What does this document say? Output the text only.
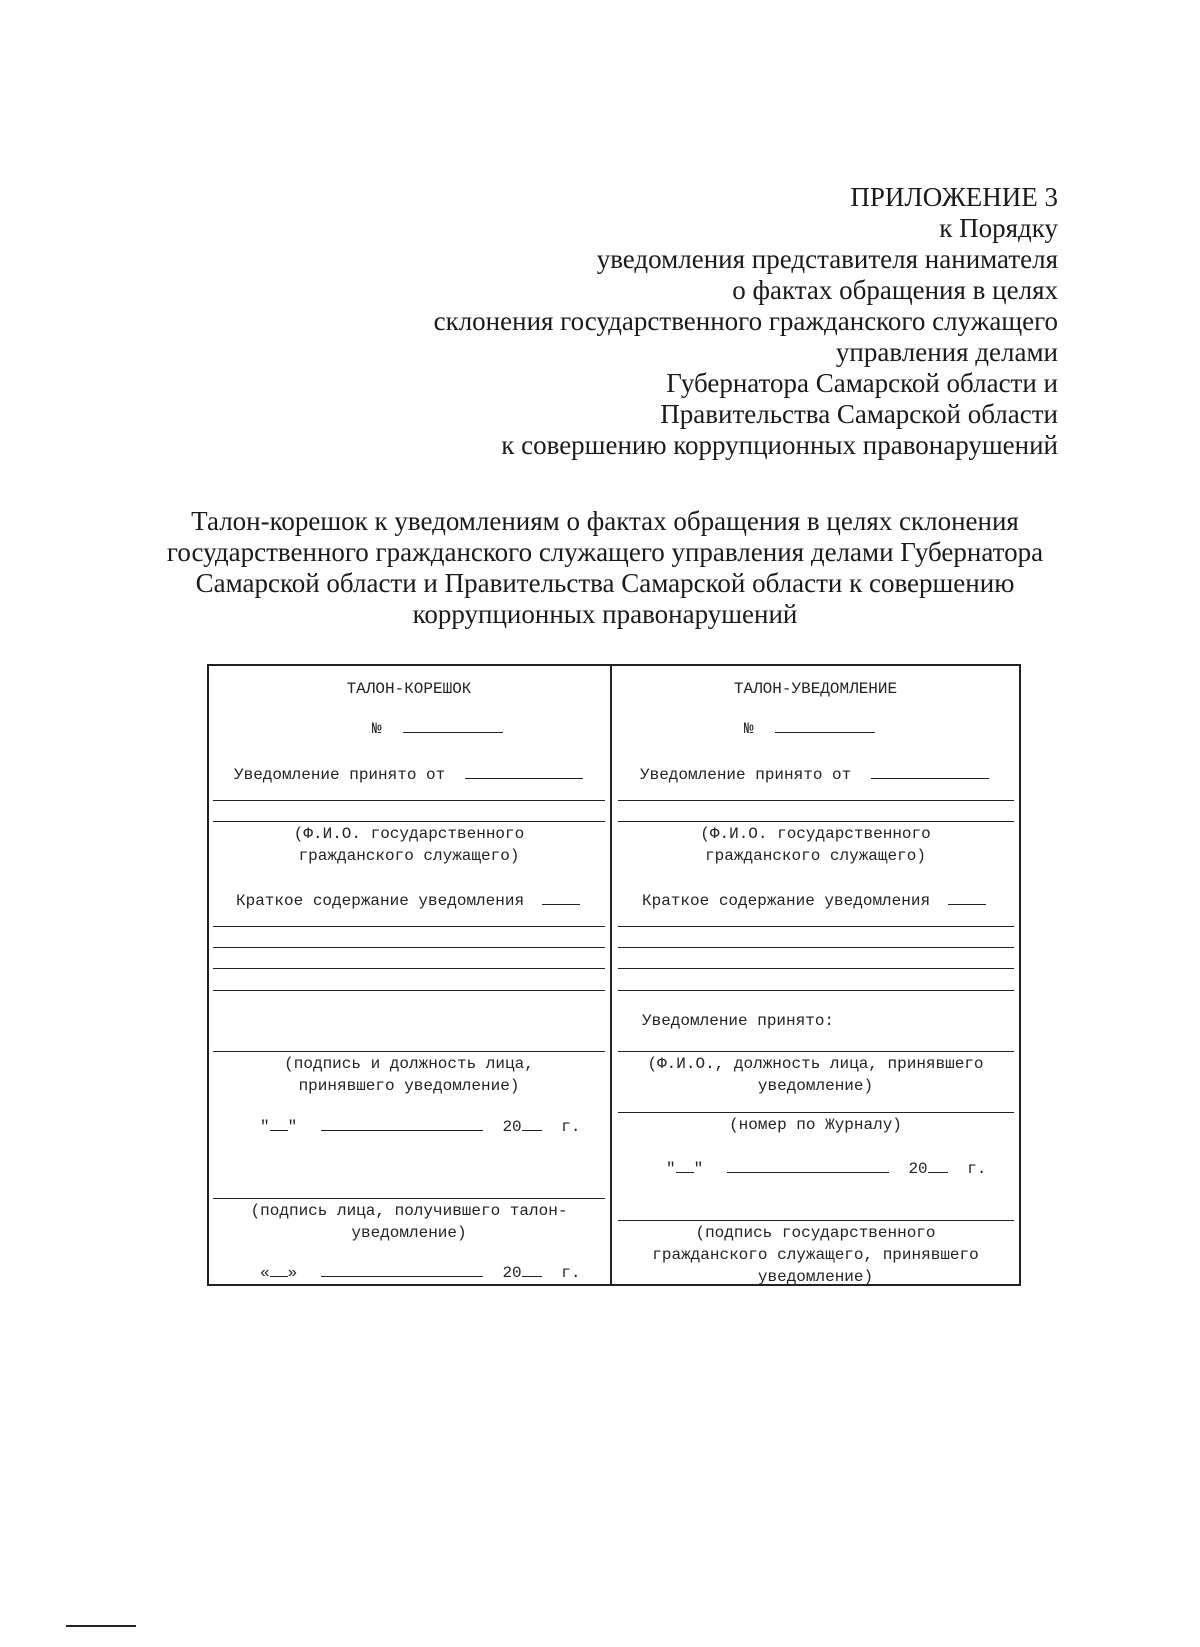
ПРИЛОЖЕНИЕ 3
к Порядку
уведомления представителя нанимателя
о фактах обращения в целях
склонения государственного гражданского служащего
управления делами
Губернатора Самарской области и
Правительства Самарской области
к совершению коррупционных правонарушений
Талон-корешок к уведомлениям о фактах обращения в целях склонения
государственного гражданского служащего управления делами Губернатора
Самарской области и Правительства Самарской области к совершению
коррупционных правонарушений
ТАЛОН-КОРЕШОК
№
Уведомление принято от
(Ф.И.О. государственного
гражданского служащего)
Краткое содержание уведомления
(подпись и должность лица,
принявшего уведомление)
" "	20 г.
(подпись лица, получившего талон-
уведомление)
« »	20 г.
ТАЛОН-УВЕДОМЛЕНИЕ
№
Уведомление принято от
(Ф.И.О. государственного
гражданского служащего)
Краткое содержание уведомления
Уведомление принято:
(Ф.И.О., должность лица, принявшего
уведомление)
(номер по Журналу)
" "	20 г.
(подпись государственного
гражданского служащего, принявшего
уведомление)
